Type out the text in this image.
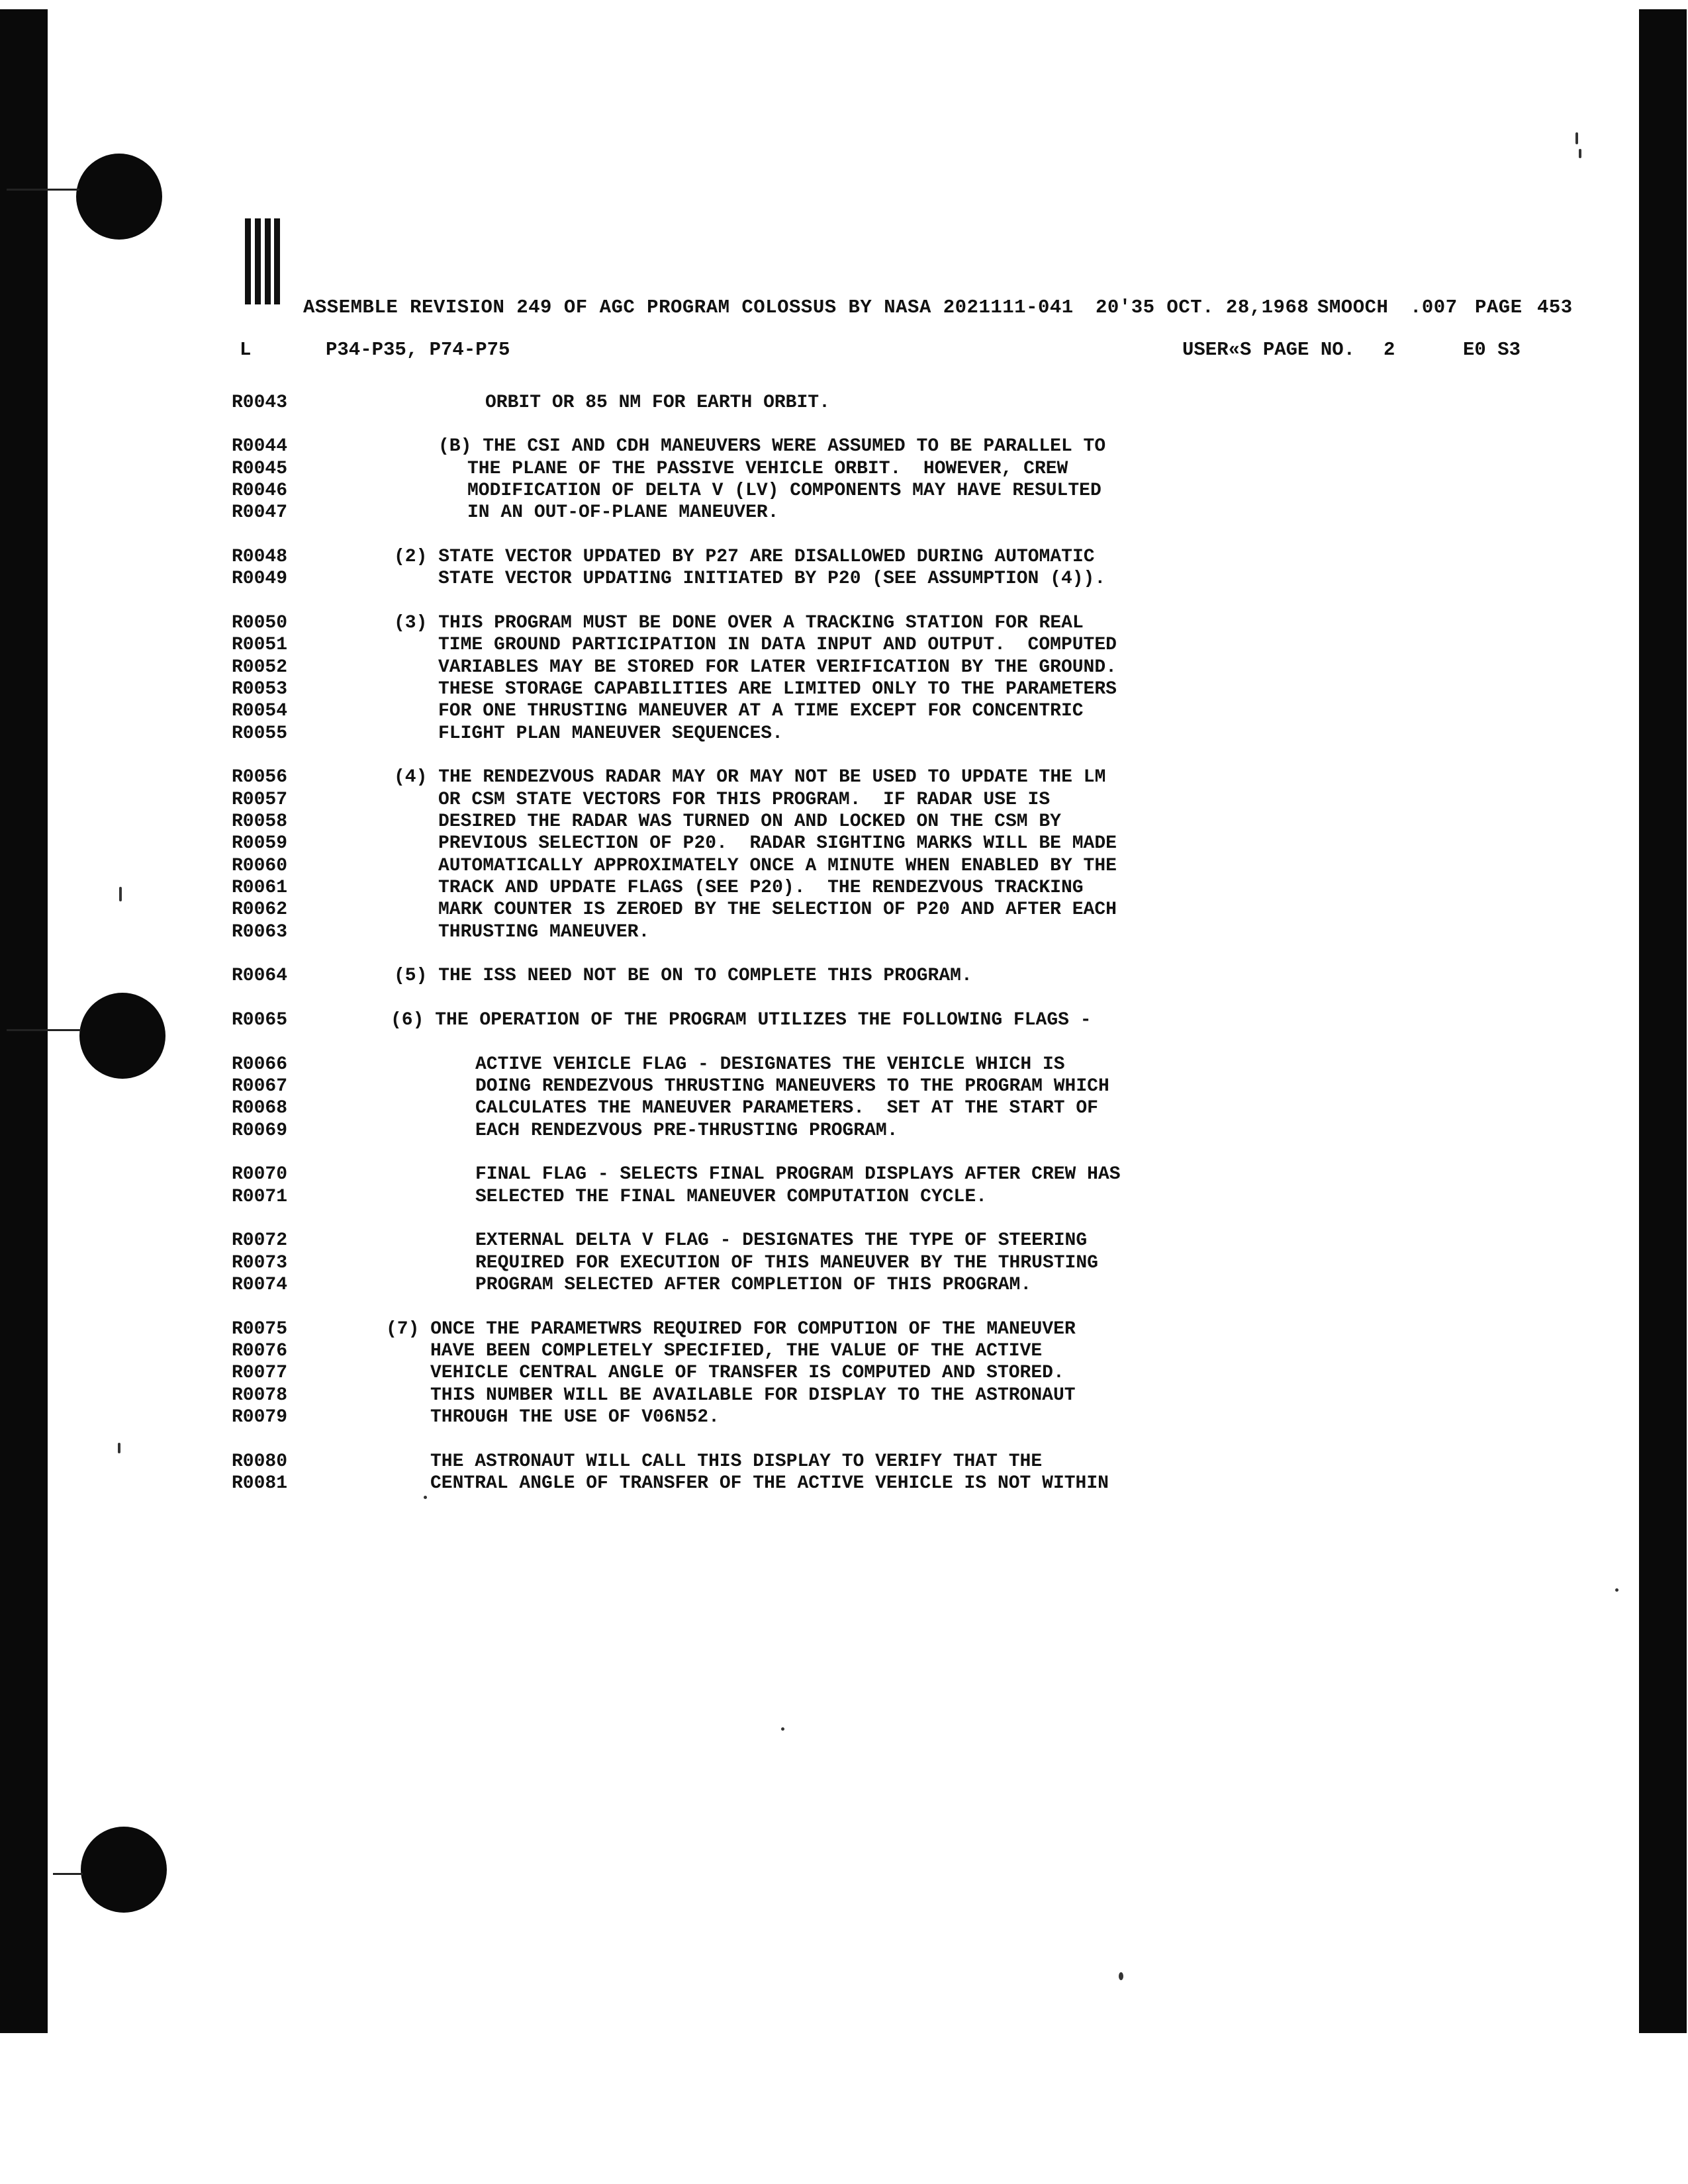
ASSEMBLE REVISION 249 OF AGC PROGRAM COLOSSUS BY NASA 2021111-041 20'35 OCT. 28,1968 SMOOCH .007 PAGE 453
L	P34-P35, P74-P75	USER«S PAGE NO. 2	E0 S3
R0043	ORBIT OR 85 NM FOR EARTH ORBIT.
R0044	(B) THE CSI AND CDH MANEUVERS WERE ASSUMED TO BE PARALLEL TO
R0045	THE PLANE OF THE PASSIVE VEHICLE ORBIT.  HOWEVER, CREW
R0046	MODIFICATION OF DELTA V (LV) COMPONENTS MAY HAVE RESULTED
R0047	IN AN OUT-OF-PLANE MANEUVER.
R0048	(2) STATE VECTOR UPDATED BY P27 ARE DISALLOWED DURING AUTOMATIC
R0049	STATE VECTOR UPDATING INITIATED BY P20 (SEE ASSUMPTION (4)).
R0050	(3) THIS PROGRAM MUST BE DONE OVER A TRACKING STATION FOR REAL
R0051	TIME GROUND PARTICIPATION IN DATA INPUT AND OUTPUT.  COMPUTED
R0052	VARIABLES MAY BE STORED FOR LATER VERIFICATION BY THE GROUND.
R0053	THESE STORAGE CAPABILITIES ARE LIMITED ONLY TO THE PARAMETERS
R0054	FOR ONE THRUSTING MANEUVER AT A TIME EXCEPT FOR CONCENTRIC
R0055	FLIGHT PLAN MANEUVER SEQUENCES.
R0056	(4) THE RENDEZVOUS RADAR MAY OR MAY NOT BE USED TO UPDATE THE LM
R0057	OR CSM STATE VECTORS FOR THIS PROGRAM.  IF RADAR USE IS
R0058	DESIRED THE RADAR WAS TURNED ON AND LOCKED ON THE CSM BY
R0059	PREVIOUS SELECTION OF P20.  RADAR SIGHTING MARKS WILL BE MADE
R0060	AUTOMATICALLY APPROXIMATELY ONCE A MINUTE WHEN ENABLED BY THE
R0061	TRACK AND UPDATE FLAGS (SEE P20).  THE RENDEZVOUS TRACKING
R0062	MARK COUNTER IS ZEROED BY THE SELECTION OF P20 AND AFTER EACH
R0063	THRUSTING MANEUVER.
R0064	(5) THE ISS NEED NOT BE ON TO COMPLETE THIS PROGRAM.
R0065	(6) THE OPERATION OF THE PROGRAM UTILIZES THE FOLLOWING FLAGS -
R0066	ACTIVE VEHICLE FLAG - DESIGNATES THE VEHICLE WHICH IS
R0067	DOING RENDEZVOUS THRUSTING MANEUVERS TO THE PROGRAM WHICH
R0068	CALCULATES THE MANEUVER PARAMETERS.  SET AT THE START OF
R0069	EACH RENDEZVOUS PRE-THRUSTING PROGRAM.
R0070	FINAL FLAG - SELECTS FINAL PROGRAM DISPLAYS AFTER CREW HAS
R0071	SELECTED THE FINAL MANEUVER COMPUTATION CYCLE.
R0072	EXTERNAL DELTA V FLAG - DESIGNATES THE TYPE OF STEERING
R0073	REQUIRED FOR EXECUTION OF THIS MANEUVER BY THE THRUSTING
R0074	PROGRAM SELECTED AFTER COMPLETION OF THIS PROGRAM.
R0075	(7) ONCE THE PARAMETWRS REQUIRED FOR COMPUTION OF THE MANEUVER
R0076	HAVE BEEN COMPLETELY SPECIFIED, THE VALUE OF THE ACTIVE
R0077	VEHICLE CENTRAL ANGLE OF TRANSFER IS COMPUTED AND STORED.
R0078	THIS NUMBER WILL BE AVAILABLE FOR DISPLAY TO THE ASTRONAUT
R0079	THROUGH THE USE OF V06N52.
R0080	THE ASTRONAUT WILL CALL THIS DISPLAY TO VERIFY THAT THE
R0081	CENTRAL ANGLE OF TRANSFER OF THE ACTIVE VEHICLE IS NOT WITHIN
